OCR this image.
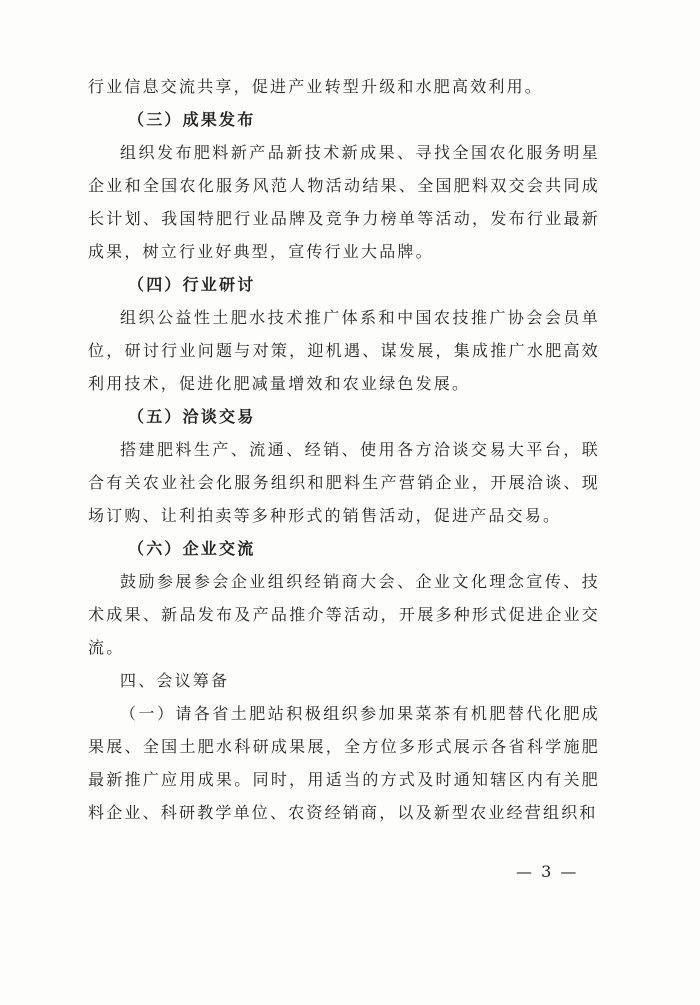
行业信息交流共享，促进产业转型升级和水肥高效利用。

（三）成果发布

组织发布肥料新产品新技术新成果、寻找全国农化服务明星企业和全国农化服务风范人物活动结果、全国肥料双交会共同成长计划、我国特肥行业品牌及竞争力榜单等活动，发布行业最新成果，树立行业好典型，宣传行业大品牌。

（四）行业研讨

组织公益性土肥水技术推广体系和中国农技推广协会会员单位，研讨行业问题与对策，迎机遇、谋发展，集成推广水肥高效利用技术，促进化肥减量增效和农业绿色发展。

（五）洽谈交易

搭建肥料生产、流通、经销、使用各方洽谈交易大平台，联合有关农业社会化服务组织和肥料生产营销企业，开展洽谈、现场订购、让利拍卖等多种形式的销售活动，促进产品交易。

（六）企业交流

鼓励参展参会企业组织经销商大会、企业文化理念宣传、技术成果、新品发布及产品推介等活动，开展多种形式促进企业交流。

四、会议筹备

（一）请各省土肥站积极组织参加果菜茶有机肥替代化肥成果展、全国土肥水科研成果展，全方位多形式展示各省科学施肥最新推广应用成果。同时，用适当的方式及时通知辖区内有关肥料企业、科研教学单位、农资经销商，以及新型农业经营组织和

— 3 —
